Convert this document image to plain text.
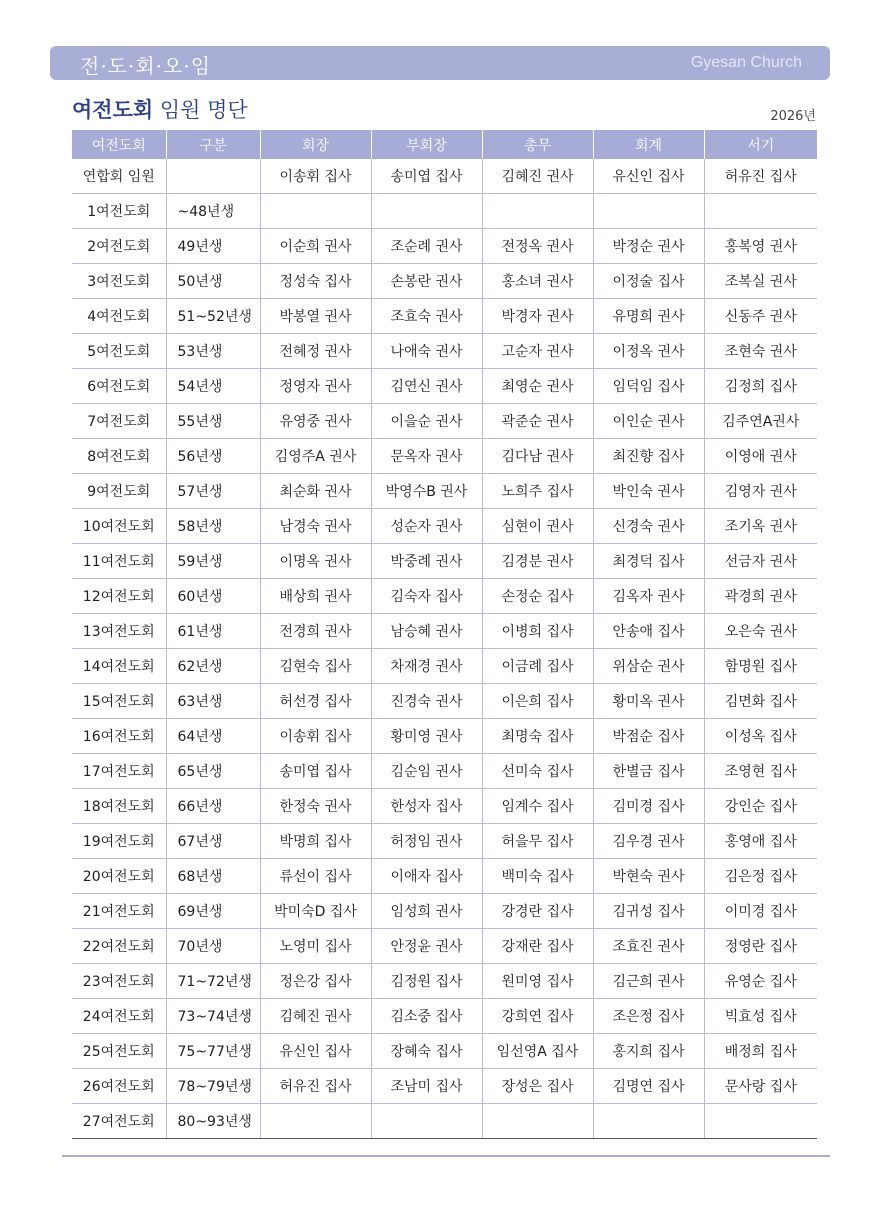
전·도·회·오·임	Gyesan Church
여전도회 임원 명단	2026년
여전도회	구분	회장	부회장	총무	회계	서기
연합회 임원		이송휘 집사	송미엽 집사	김혜진 권사	유신인 집사	허유진 집사
1여전도회	~48년생					
2여전도회	49년생	이순희 권사	조순례 권사	전정옥 권사	박정순 권사	홍복영 권사
3여전도회	50년생	정성숙 집사	손봉란 권사	홍소녀 권사	이정술 집사	조복실 권사
4여전도회	51~52년생	박봉열 권사	조효숙 권사	박경자 권사	유명희 권사	신동주 권사
5여전도회	53년생	전혜정 권사	나애숙 권사	고순자 권사	이정옥 권사	조현숙 권사
6여전도회	54년생	정영자 권사	김연신 권사	최영순 권사	임덕임 집사	김정희 집사
7여전도회	55년생	유영중 권사	이을순 권사	곽준순 권사	이인순 권사	김주연A권사
8여전도회	56년생	김영주A 권사	문옥자 권사	김다남 권사	최진향 집사	이영애 권사
9여전도회	57년생	최순화 권사	박영수B 권사	노희주 집사	박인숙 권사	김영자 권사
10여전도회	58년생	남경숙 권사	성순자 권사	심현이 권사	신경숙 권사	조기옥 권사
11여전도회	59년생	이명옥 권사	박중례 권사	김경분 권사	최경덕 집사	선금자 권사
12여전도회	60년생	배상희 권사	김숙자 집사	손정순 집사	김옥자 권사	곽경희 권사
13여전도회	61년생	전경희 권사	남승혜 권사	이병희 집사	안송애 집사	오은숙 권사
14여전도회	62년생	김현숙 집사	차재경 권사	이금례 집사	위삼순 권사	함명원 집사
15여전도회	63년생	허선경 집사	진경숙 권사	이은희 집사	황미옥 권사	김면화 집사
16여전도회	64년생	이송휘 집사	황미영 권사	최명숙 집사	박점순 집사	이성옥 집사
17여전도회	65년생	송미엽 집사	김순임 권사	선미숙 집사	한별금 집사	조영현 집사
18여전도회	66년생	한정숙 권사	한성자 집사	임계수 집사	김미경 집사	강인순 집사
19여전도회	67년생	박명희 집사	허정임 권사	허을무 집사	김우경 권사	홍영애 집사
20여전도회	68년생	류선이 집사	이애자 집사	백미숙 집사	박현숙 권사	김은정 집사
21여전도회	69년생	박미숙D 집사	임성희 권사	강경란 집사	김귀성 집사	이미경 집사
22여전도회	70년생	노영미 집사	안정윤 권사	강재란 집사	조효진 권사	정영란 집사
23여전도회	71~72년생	정은강 집사	김정원 집사	원미영 집사	김근희 권사	유영순 집사
24여전도회	73~74년생	김혜진 권사	김소중 집사	강희연 집사	조은정 집사	빅효성 집사
25여전도회	75~77년생	유신인 집사	장혜숙 집사	임선영A 집사	홍지희 집사	배정희 집사
26여전도회	78~79년생	허유진 집사	조남미 집사	장성은 집사	김명연 집사	문사랑 집사
27여전도회	80~93년생					
